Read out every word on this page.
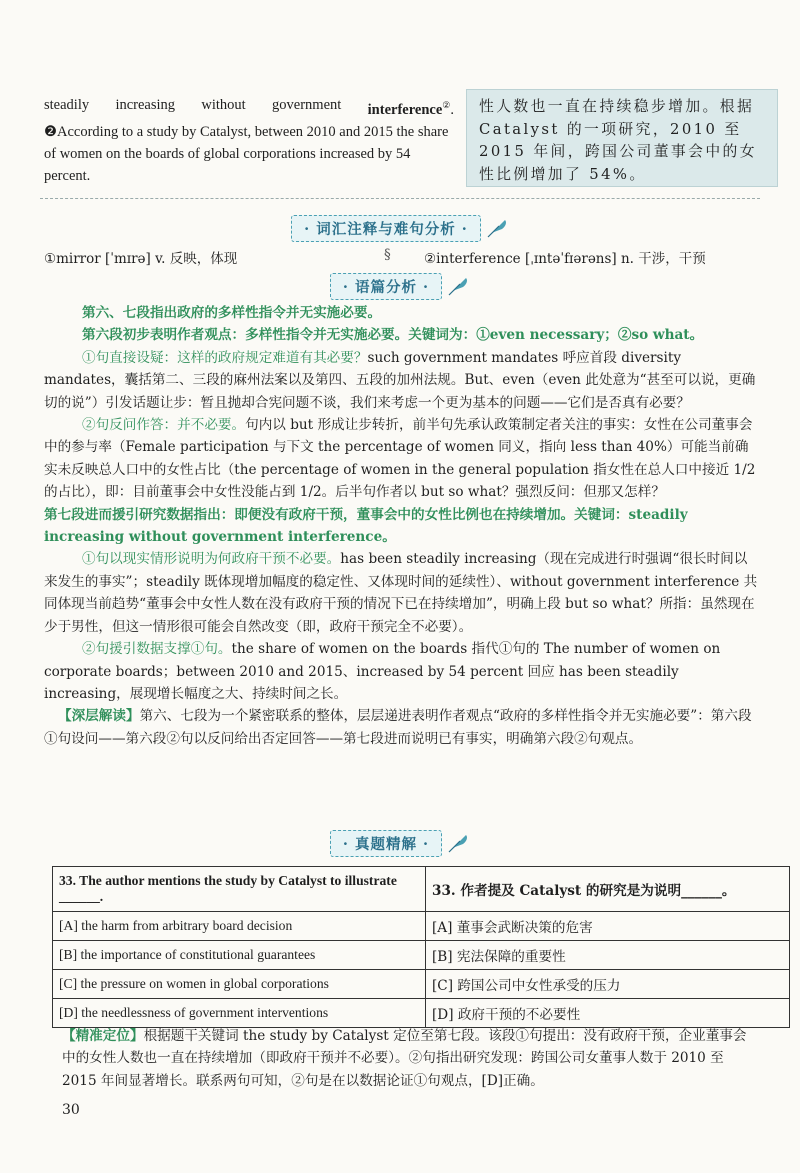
steadily increasing without government interference②.
❷According to a study by Catalyst, between 2010 and 2015 the share of women on the boards of global corporations increased by 54 percent.
性人数也一直在持续稳步增加。根据 Catalyst 的一项研究，2010 至 2015 年间，跨国公司董事会中的女性比例增加了 54%。
· 词汇注释与难句分析 ·
①mirror [ˈmɪrə] v. 反映，体现	§	②interference [ˌɪntəˈfɪərəns] n. 干涉，干预
· 语篇分析 ·

第六、七段指出政府的多样性指令并无实施必要。

第六段初步表明作者观点：多样性指令并无实施必要。关键词为：①even necessary；②so what。

①句直接设疑：这样的政府规定难道有其必要？such government mandates 呼应首段 diversity mandates，囊括第二、三段的麻州法案以及第四、五段的加州法规。But、even（even 此处意为“甚至可以说，更确切的说”）引发话题让步：暂且抛却合宪问题不谈，我们来考虑一个更为基本的问题——它们是否真有必要？

②句反问作答：并不必要。句内以 but 形成让步转折，前半句先承认政策制定者关注的事实：女性在公司董事会中的参与率（Female participation 与下文 the percentage of women 同义，指向 less than 40%）可能当前确实未反映总人口中的女性占比（the percentage of women in the general population 指女性在总人口中接近 1/2 的占比），即：目前董事会中女性没能占到 1/2。后半句作者以 but so what？强烈反问：但那又怎样？

第七段进而援引研究数据指出：即便没有政府干预，董事会中的女性比例也在持续增加。关键词：steadily increasing without government interference。

①句以现实情形说明为何政府干预不必要。has been steadily increasing（现在完成进行时强调“很长时间以来发生的事实”；steadily 既体现增加幅度的稳定性、又体现时间的延续性）、without government interference 共同体现当前趋势“董事会中女性人数在没有政府干预的情况下已在持续增加”，明确上段 but so what？所指：虽然现在少于男性，但这一情形很可能会自然改变（即，政府干预完全不必要）。

②句援引数据支撑①句。the share of women on the boards 指代①句的 The number of women on corporate boards；between 2010 and 2015、increased by 54 percent 回应 has been steadily increasing，展现增长幅度之大、持续时间之长。

【深层解读】第六、七段为一个紧密联系的整体，层层递进表明作者观点“政府的多样性指令并无实施必要”：第六段①句设问——第六段②句以反问给出否定回答——第七段进而说明已有事实，明确第六段②句观点。

· 真题精解 ·
33. The author mentions the study by Catalyst to illustrate ______.	33. 作者提及 Catalyst 的研究是为说明______。
[A] the harm from arbitrary board decision	[A] 董事会武断决策的危害
[B] the importance of constitutional guarantees	[B] 宪法保障的重要性
[C] the pressure on women in global corporations	[C] 跨国公司中女性承受的压力
[D] the needlessness of government interventions	[D] 政府干预的不必要性
【精准定位】根据题干关键词 the study by Catalyst 定位至第七段。该段①句提出：没有政府干预，企业董事会中的女性人数也一直在持续增加（即政府干预并不必要）。②句指出研究发现：跨国公司女董事人数于 2010 至 2015 年间显著增长。联系两句可知，②句是在以数据论证①句观点，[D]正确。
30
